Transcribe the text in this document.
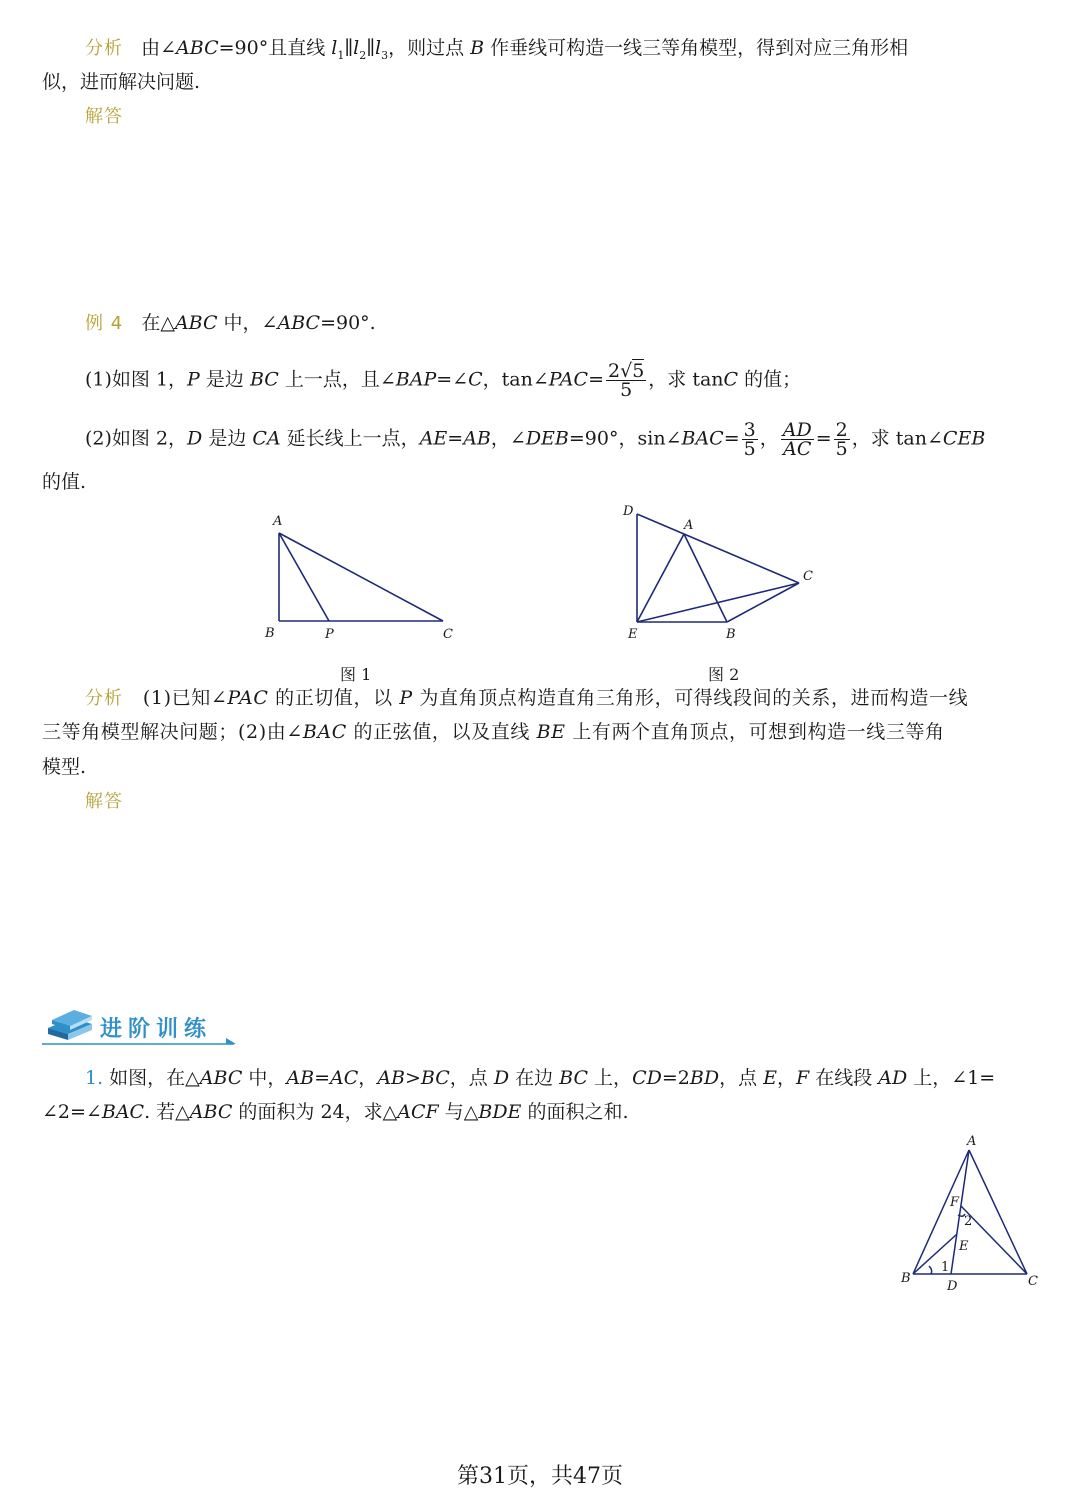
分析 由∠ABC=90°且直线 $l_1\parallel l_2\parallel l_3$，则过点 B 作垂线可构造一线三等角模型，得到对应三角形相
似，进而解决问题.
解答
例 4 在△ABC 中，∠ABC=90°.
(1)如图 1，P 是边 BC 上一点，且∠BAP=∠C，tan∠PAC= $\frac{2√5}{5}$ ，求 tanC 的值；
(2)如图 2，D 是边 CA 延长线上一点，AE=AB，∠DEB=90°，sin∠BAC= $\frac{3}{5}$ ， $\frac{AD}{AC} = \frac{2}{5}$ ，求 tan∠CEB
的值.
A
B	P	C
图 1
D
A
C
E	B
图 2
分析 (1)已知∠PAC 的正切值，以 P 为直角顶点构造直角三角形，可得线段间的关系，进而构造一线
三等角模型解决问题；(2)由∠BAC 的正弦值，以及直线 BE 上有两个直角顶点，可想到构造一线三等角
模型.
解答
进阶训练
1. 如图，在△ABC 中，AB=AC，AB>BC，点 D 在边 BC 上，CD=2BD，点 E，F 在线段 AD 上，∠1=
∠2=∠BAC. 若△ABC 的面积为 24，求△ACF 与△BDE 的面积之和.
A
F
2
E
1
B
D	C
第31页，共47页
